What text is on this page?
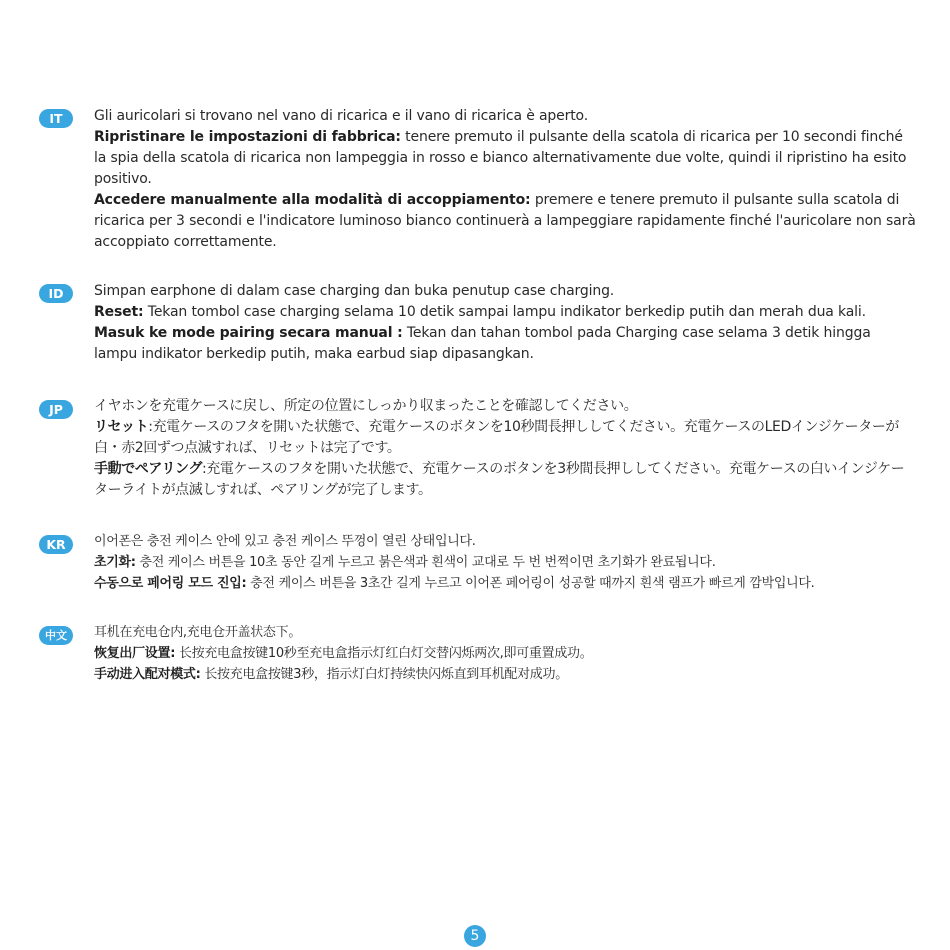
IT	Gli auricolari si trovano nel vano di ricarica e il vano di ricarica è aperto.

Ripristinare le impostazioni di fabbrica: tenere premuto il pulsante della scatola di ricarica per 10 secondi finché la spia della scatola di ricarica non lampeggia in rosso e bianco alternativamente due volte, quindi il ripristino ha esito positivo.

Accedere manualmente alla modalità di accoppiamento: premere e tenere premuto il pulsante sulla scatola di ricarica per 3 secondi e l'indicatore luminoso bianco continuerà a lampeggiare rapidamente finché l'auricolare non sarà accoppiato correttamente.

ID	Simpan earphone di dalam case charging dan buka penutup case charging.

Reset: Tekan tombol case charging selama 10 detik sampai lampu indikator berkedip putih dan merah dua kali.

Masuk ke mode pairing secara manual : Tekan dan tahan tombol pada Charging case selama 3 detik hingga lampu indikator berkedip putih, maka earbud siap dipasangkan.

JP	イヤホンを充電ケースに戻し、所定の位置にしっかり収まったことを確認してください。

リセット:充電ケースのフタを開いた状態で、充電ケースのボタンを10秒間長押ししてください。充電ケースのLEDインジケーターが白・赤2回ずつ点滅すれば、リセットは完了です。

手動でペアリング:充電ケースのフタを開いた状態で、充電ケースのボタンを3秒間長押ししてください。充電ケースの白いインジケーターライトが点滅しすれば、ペアリングが完了します。

KR	이어폰은 충전 케이스 안에 있고 충전 케이스 뚜껑이 열린 상태입니다.

초기화: 충전 케이스 버튼을 10초 동안 길게 누르고 붉은색과 흰색이 교대로 두 번 번쩍이면 초기화가 완료됩니다.

수동으로 페어링 모드 진입: 충전 케이스 버튼을 3초간 길게 누르고 이어폰 페어링이 성공할 때까지 흰색 램프가 빠르게 깜박입니다.

中文	耳机在充电仓内,充电仓开盖状态下。

恢复出厂设置: 长按充电盒按键10秒至充电盒指示灯红白灯交替闪烁两次,即可重置成功。

手动进入配对模式: 长按充电盒按键3秒，指示灯白灯持续快闪烁直到耳机配对成功。

5
